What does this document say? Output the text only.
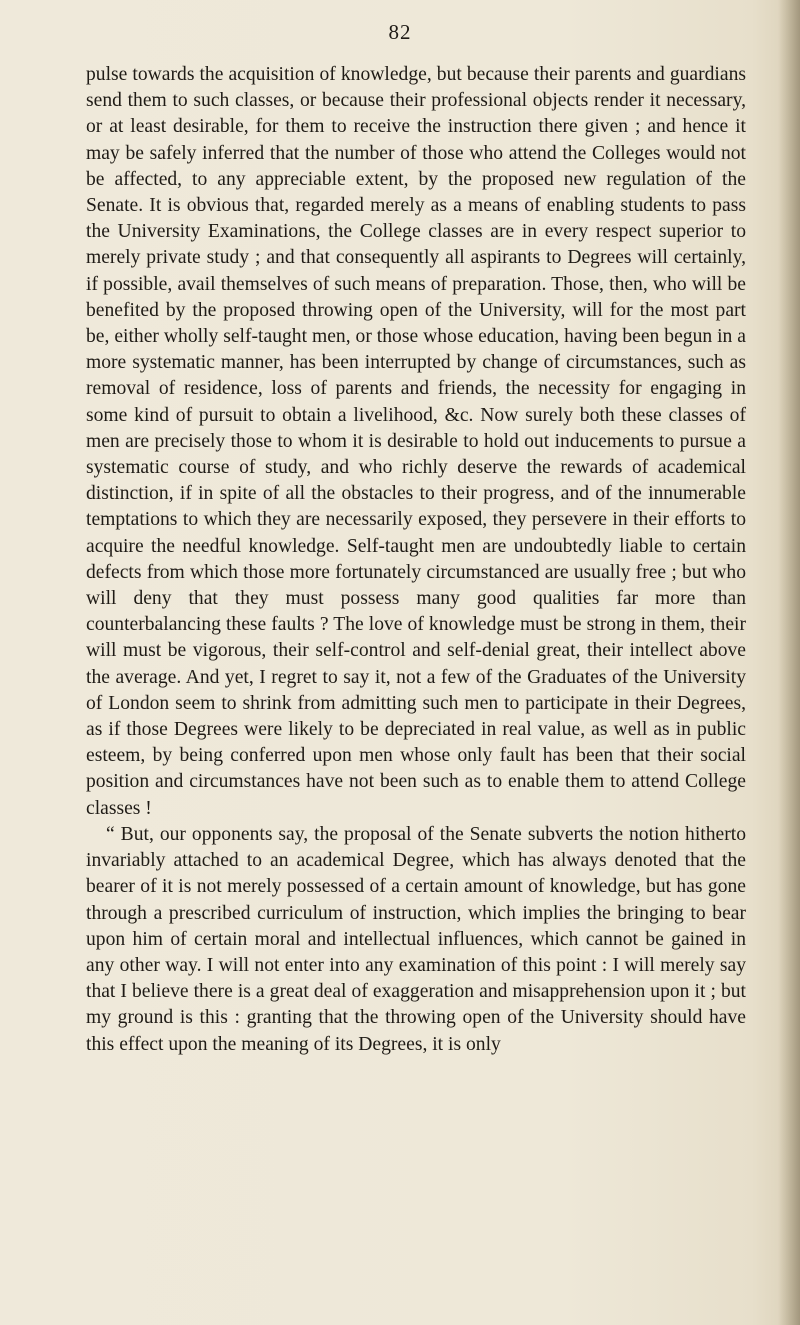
82

pulse towards the acquisition of knowledge, but because their parents and guardians send them to such classes, or because their professional objects render it necessary, or at least desirable, for them to receive the instruction there given ; and hence it may be safely inferred that the number of those who attend the Colleges would not be affected, to any appreciable extent, by the proposed new regulation of the Senate. It is obvious that, regarded merely as a means of enabling students to pass the University Examinations, the College classes are in every respect superior to merely private study ; and that consequently all aspirants to Degrees will certainly, if possible, avail themselves of such means of preparation. Those, then, who will be benefited by the proposed throwing open of the University, will for the most part be, either wholly self-taught men, or those whose education, having been begun in a more systematic manner, has been interrupted by change of circumstances, such as removal of residence, loss of parents and friends, the necessity for engaging in some kind of pursuit to obtain a livelihood, &c. Now surely both these classes of men are precisely those to whom it is desirable to hold out inducements to pursue a systematic course of study, and who richly deserve the rewards of academical distinction, if in spite of all the obstacles to their progress, and of the innumerable temptations to which they are necessarily exposed, they persevere in their efforts to acquire the needful knowledge. Self-taught men are undoubtedly liable to certain defects from which those more fortunately circumstanced are usually free ; but who will deny that they must possess many good qualities far more than counterbalancing these faults ? The love of knowledge must be strong in them, their will must be vigorous, their self-control and self-denial great, their intellect above the average. And yet, I regret to say it, not a few of the Graduates of the University of London seem to shrink from admitting such men to participate in their Degrees, as if those Degrees were likely to be depreciated in real value, as well as in public esteem, by being conferred upon men whose only fault has been that their social position and circumstances have not been such as to enable them to attend College classes !

“ But, our opponents say, the proposal of the Senate subverts the notion hitherto invariably attached to an academical Degree, which has always denoted that the bearer of it is not merely possessed of a certain amount of knowledge, but has gone through a prescribed curriculum of instruction, which implies the bringing to bear upon him of certain moral and intellectual influences, which cannot be gained in any other way. I will not enter into any examination of this point : I will merely say that I believe there is a great deal of exaggeration and misapprehension upon it ; but my ground is this : granting that the throwing open of the University should have this effect upon the meaning of its Degrees, it is only
